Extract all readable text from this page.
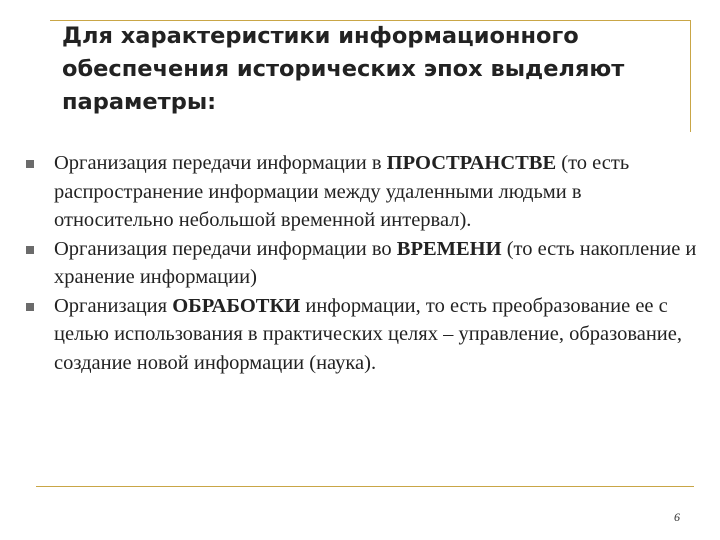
Для характеристики информационного обеспечения исторических эпох выделяют параметры:
Организация передачи информации в ПРОСТРАНСТВЕ (то есть распространение информации между удаленными людьми в относительно небольшой временной интервал).
Организация передачи информации во ВРЕМЕНИ (то есть накопление и хранение информации)
Организация ОБРАБОТКИ информации, то есть преобразование ее с целью использования в практических целях – управление, образование, создание новой информации (наука).
6
